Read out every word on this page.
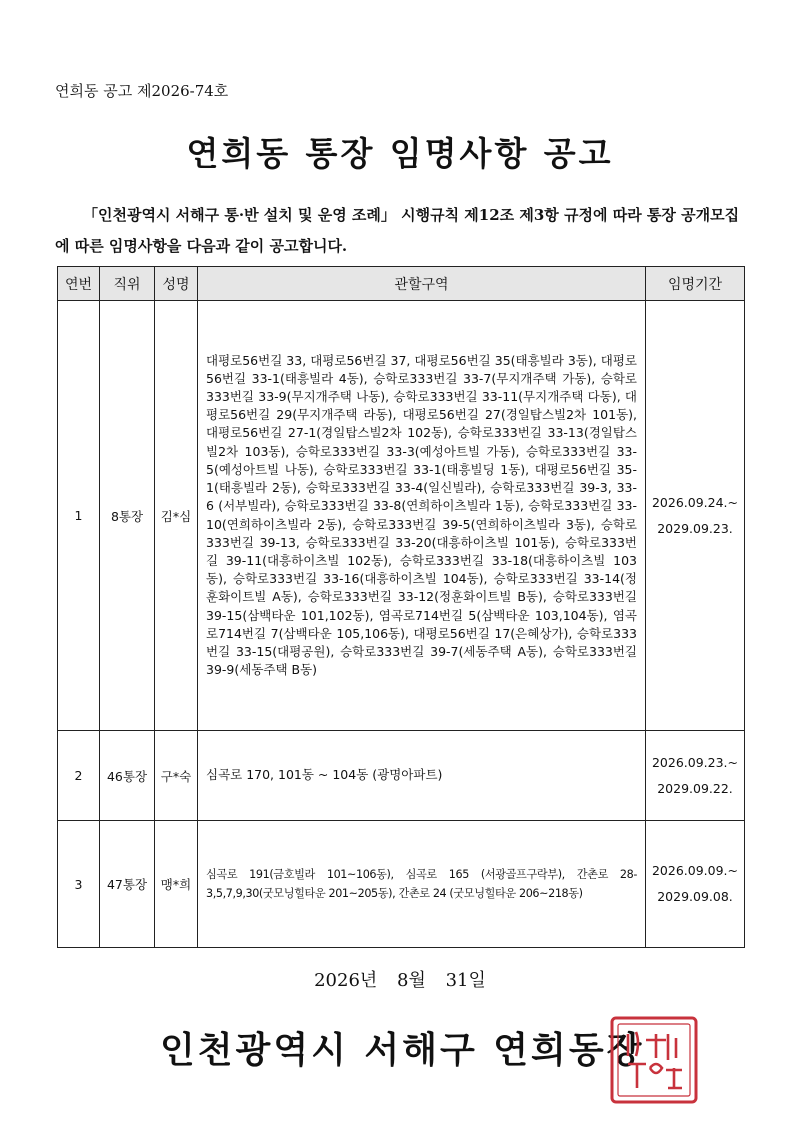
연희동 공고 제2026-74호
연희동 통장 임명사항 공고
「인천광역시 서해구 통·반 설치 및 운영 조례」 시행규칙 제12조 제3항 규정에 따라 통장 공개모집에 따른 임명사항을 다음과 같이 공고합니다.
연번	직위	성명	관할구역	임명기간
1	8통장	김*심	대평로56번길 33, 대평로56번길 37, 대평로56번길 35(태흥빌라 3동), 대평로56번길 33-1(태흥빌라 4동), 승학로333번길 33-7(무지개주택 가동), 승학로333번길 33-9(무지개주택 나동), 승학로333번길 33-11(무지개주택 다동), 대평로56번길 29(무지개주택 라동), 대평로56번길 27(경일탑스빌2차 101동), 대평로56번길 27-1(경일탑스빌2차 102동), 승학로333번길 33-13(경일탑스빌2차 103동), 승학로333번길 33-3(예성아트빌 가동), 승학로333번길 33-5(예성아트빌 나동), 승학로333번길 33-1(태흥빌딩 1동), 대평로56번길 35-1(태흥빌라 2동), 승학로333번길 33-4(일신빌라), 승학로333번길 39-3, 33-6 (서부빌라), 승학로333번길 33-8(연희하이츠빌라 1동), 승학로333번길 33-10(연희하이츠빌라 2동), 승학로333번길 39-5(연희하이츠빌라 3동), 승학로333번길 39-13, 승학로333번길 33-20(대흥하이츠빌 101동), 승학로333번길 39-11(대흥하이츠빌 102동), 승학로333번길 33-18(대흥하이츠빌 103동), 승학로333번길 33-16(대흥하이츠빌 104동), 승학로333번길 33-14(정훈화이트빌 A동), 승학로333번길 33-12(정훈화이트빌 B동), 승학로333번길 39-15(삼백타운 101,102동), 염곡로714번길 5(삼백타운 103,104동), 염곡로714번길 7(삼백타운 105,106동), 대평로56번길 17(은혜상가), 승학로333번길 33-15(대평공원), 승학로333번길 39-7(세동주택 A동), 승학로333번길 39-9(세동주택 B동)	2026.09.24.~
2029.09.23.

2	46통장	구*숙	심곡로 170, 101동 ~ 104동 (광명아파트)	2026.09.23.~
2029.09.22.

3	47통장	맹*희	심곡로 191(금호빌라 101~106동), 심곡로 165 (서광골프구락부), 간촌로 28-3,5,7,9,30(굿모닝힐타운 201~205동), 간촌로 24 (굿모닝힐타운 206~218동)	2026.09.09.~
2029.09.08.
2026년 8월 31일
인천광역시 서해구 연희동장
